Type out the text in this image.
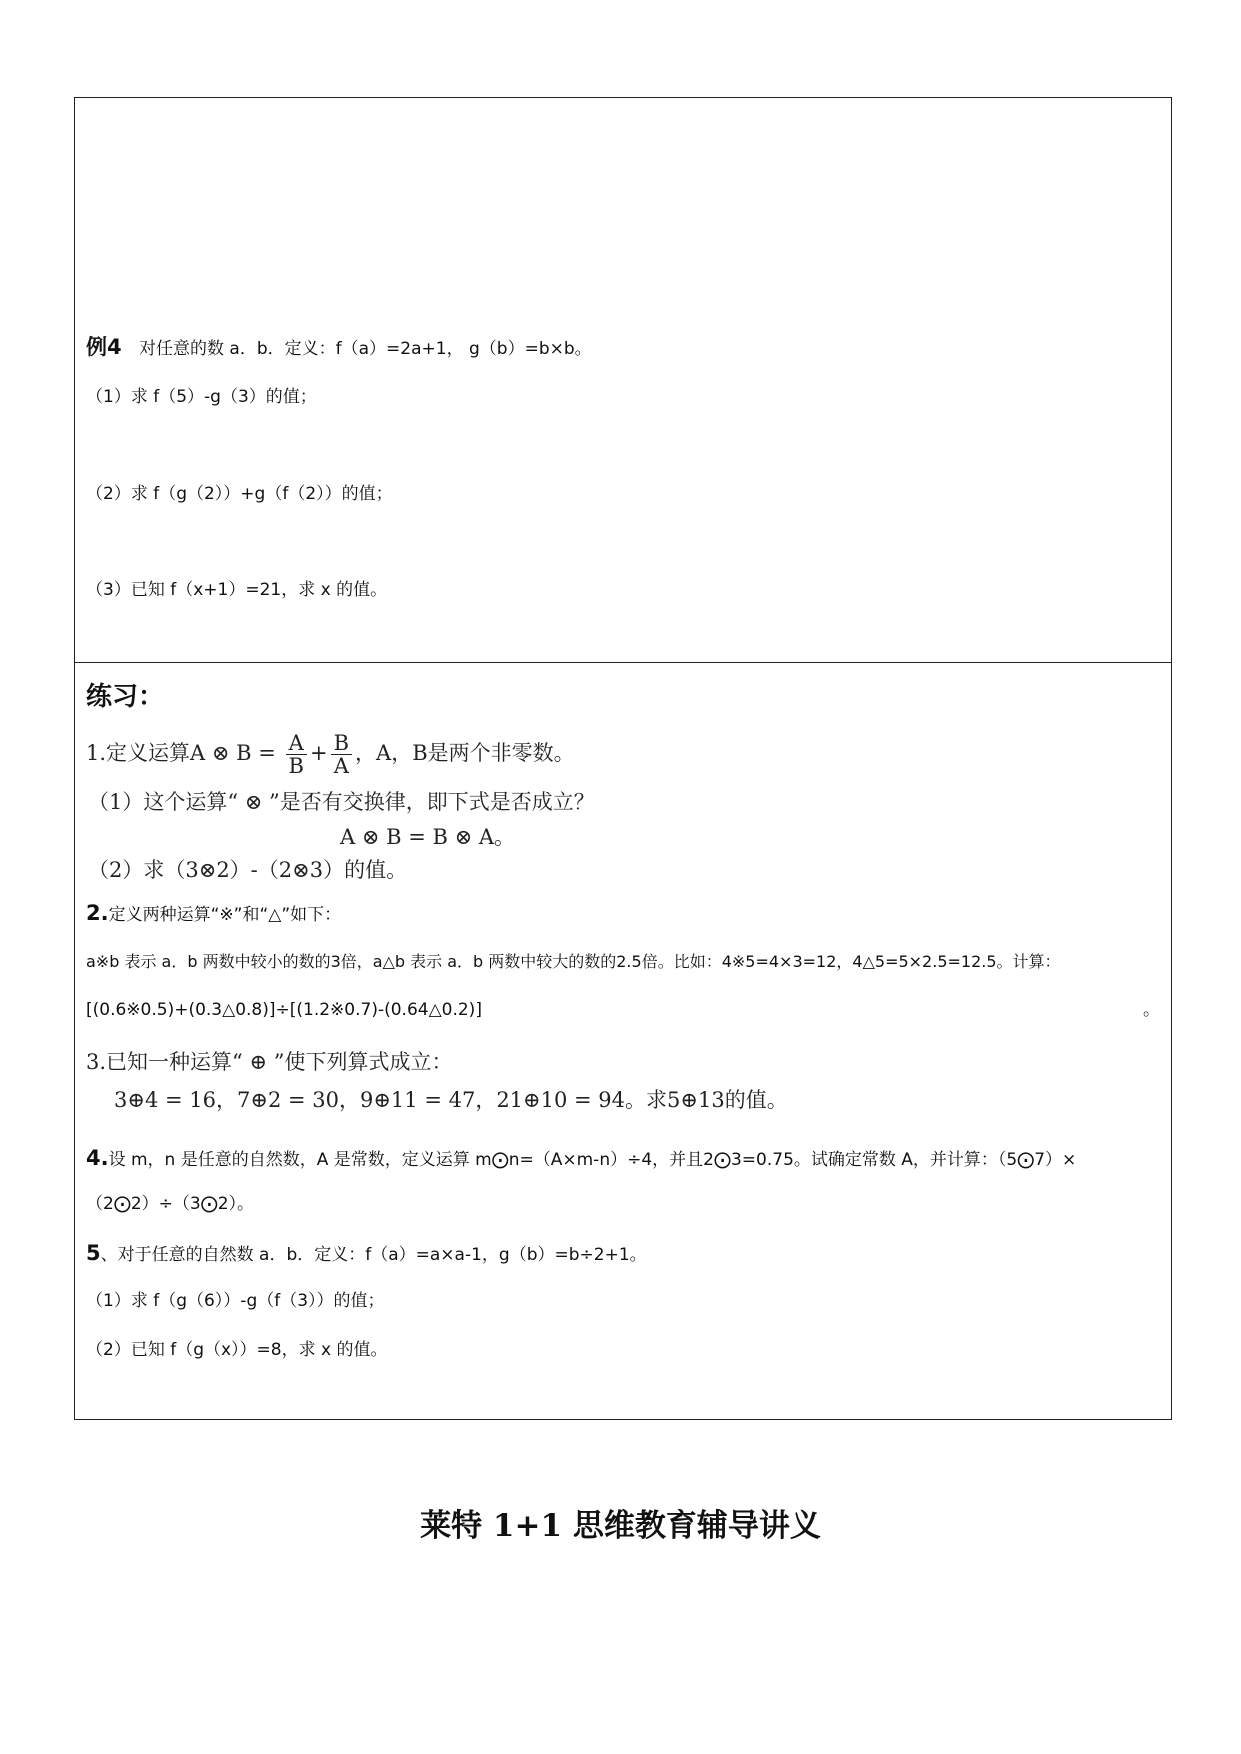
例4 对任意的数 a．b．定义：f（a）=2a+1， g（b）=b×b。
（1）求 f（5）-g（3）的值；
（2）求 f（g（2））+g（f（2））的值；
（3）已知 f（x+1）=21，求 x 的值。
练习：
1.定义运算A ⊗ $B = \frac{A}{B} + \frac{B}{A}$ ，A，B是两个非零数。
（1）这个运算“ ⊗ ”是否有交换律，即下式是否成立？
A ⊗ B = B ⊗ A。
（2）求（3⊗2）-（2⊗3）的值。
2.定义两种运算“※”和“△”如下：
a※b 表示 a．b 两数中较小的数的3倍，a△b 表示 a．b 两数中较大的数的2.5倍。比如：4※5=4×3=12，4△5=5×2.5=12.5。计算：
[(0.6※0.5)+(0.3△0.8)]÷[(1.2※0.7)-(0.64△0.2)]	。
3.已知一种运算“ ⊕ ”使下列算式成立：
3⊕4 = 16，7⊕2 = 30，9⊕11 = 47，21⊕10 = 94。求5⊕13的值。
4.设 m，n 是任意的自然数，A 是常数，定义运算 m⨀n=（A×m-n）÷4，并且2⨀3=0.75。试确定常数 A，并计算：（5⨀7）×
（2⨀2）÷（3⨀2）。
5、对于任意的自然数 a．b．定义：f（a）=a×a-1，g（b）=b÷2+1。
（1）求 f（g（6））-g（f（3））的值；
（2）已知 f（g（x））=8，求 x 的值。
莱特 1+1 思维教育辅导讲义
